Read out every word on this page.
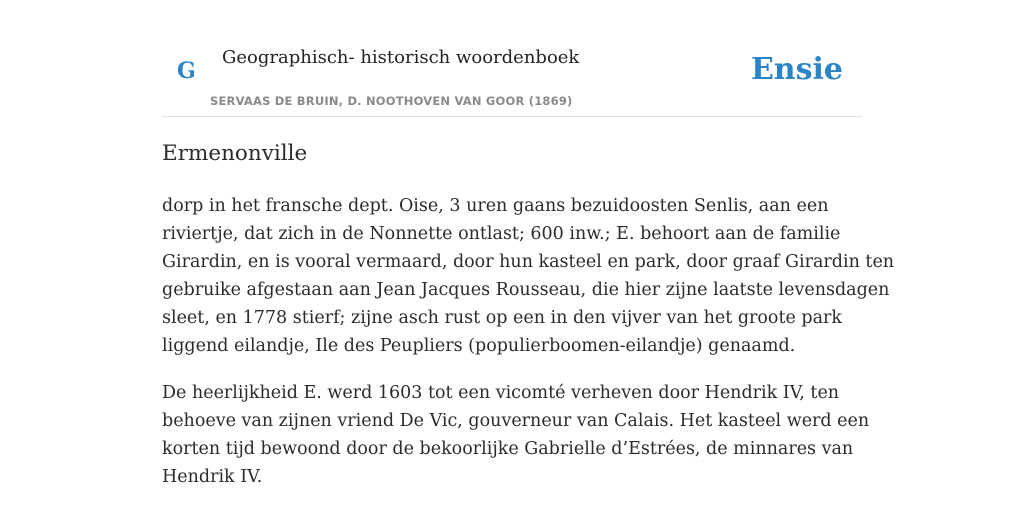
G
Geographisch- historisch woordenboek
SERVAAS DE BRUIN, D. NOOTHOVEN VAN GOOR (1869)
Ensie
Ermenonville

dorp in het fransche dept. Oise, 3 uren gaans bezuidoosten Senlis, aan een
riviertje, dat zich in de Nonnette ontlast; 600 inw.; E. behoort aan de familie
Girardin, en is vooral vermaard, door hun kasteel en park, door graaf Girardin ten
gebruike afgestaan aan Jean Jacques Rousseau, die hier zijne laatste levensdagen
sleet, en 1778 stierf; zijne asch rust op een in den vijver van het groote park
liggend eilandje, Ile des Peupliers (populierboomen-eilandje) genaamd.

De heerlijkheid E. werd 1603 tot een vicomté verheven door Hendrik IV, ten
behoeve van zijnen vriend De Vic, gouverneur van Calais. Het kasteel werd een
korten tijd bewoond door de bekoorlijke Gabrielle d’Estrées, de minnares van
Hendrik IV.
